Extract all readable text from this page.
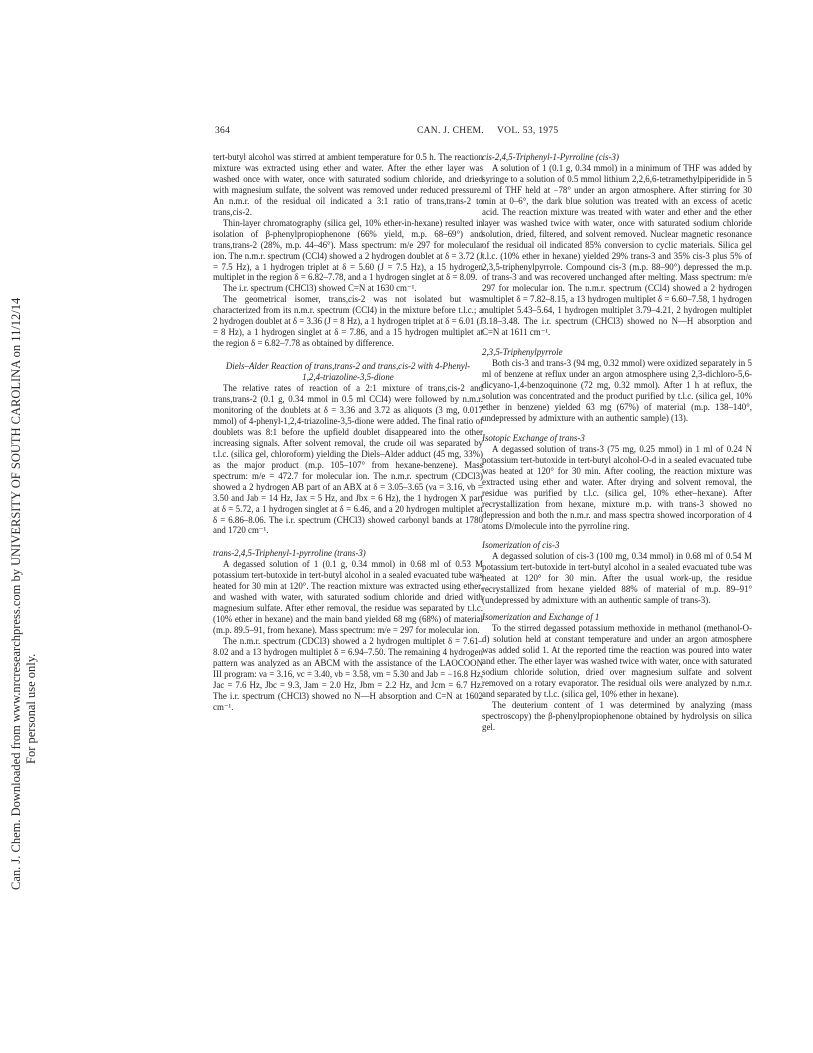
Can. J. Chem. Downloaded from www.nrcresearchpress.com by UNIVERSITY OF SOUTH CAROLINA on 11/12/14 For personal use only.
364	CAN. J. CHEM. VOL. 53, 1975

tert-butyl alcohol was stirred at ambient temperature for 0.5 h. The reaction mixture was extracted using ether and water. After the ether layer was washed once with water, once with saturated sodium chloride, and dried with magnesium sulfate, the solvent was removed under reduced pressure. An n.m.r. of the residual oil indicated a 3:1 ratio of trans,trans-2 to trans,cis-2.

Thin-layer chromatography (silica gel, 10% ether-in-hexane) resulted in isolation of β-phenylpropiophenone (66% yield, m.p. 68–69°) and trans,trans-2 (28%, m.p. 44–46°). Mass spectrum: m/e 297 for molecular ion. The n.m.r. spectrum (CCl4) showed a 2 hydrogen doublet at δ = 3.72 (J = 7.5 Hz), a 1 hydrogen triplet at δ = 5.60 (J = 7.5 Hz), a 15 hydrogen multiplet in the region δ = 6.82–7.78, and a 1 hydrogen singlet at δ = 8.09.

The i.r. spectrum (CHCl3) showed C=N at 1630 cm⁻¹.

The geometrical isomer, trans,cis-2 was not isolated but was characterized from its n.m.r. spectrum (CCl4) in the mixture before t.l.c.; a 2 hydrogen doublet at δ = 3.36 (J = 8 Hz), a 1 hydrogen triplet at δ = 6.01 (J = 8 Hz), a 1 hydrogen singlet at δ = 7.86, and a 15 hydrogen multiplet at the region δ = 6.82–7.78 as obtained by difference.

Diels–Alder Reaction of trans,trans-2 and trans,cis-2 with 4-Phenyl-1,2,4-triazoline-3,5-dione

The relative rates of reaction of a 2:1 mixture of trans,cis-2 and trans,trans-2 (0.1 g, 0.34 mmol in 0.5 ml CCl4) were followed by n.m.r. monitoring of the doublets at δ = 3.36 and 3.72 as aliquots (3 mg, 0.017 mmol) of 4-phenyl-1,2,4-triazoline-3,5-dione were added. The final ratio of doublets was 8:1 before the upfield doublet disappeared into the other increasing signals. After solvent removal, the crude oil was separated by t.l.c. (silica gel, chloroform) yielding the Diels–Alder adduct (45 mg, 33%) as the major product (m.p. 105–107° from hexane-benzene). Mass spectrum: m/e = 472.7 for molecular ion. The n.m.r. spectrum (CDCl3) showed a 2 hydrogen AB part of an ABX at δ = 3.05–3.65 (νa = 3.16, νb = 3.50 and Jab = 14 Hz, Jax = 5 Hz, and Jbx = 6 Hz), the 1 hydrogen X part at δ = 5.72, a 1 hydrogen singlet at δ = 6.46, and a 20 hydrogen multiplet at δ = 6.86–8.06. The i.r. spectrum (CHCl3) showed carbonyl bands at 1780 and 1720 cm⁻¹.

trans-2,4,5-Triphenyl-1-pyrroline (trans-3)

A degassed solution of 1 (0.1 g, 0.34 mmol) in 0.68 ml of 0.53 M potassium tert-butoxide in tert-butyl alcohol in a sealed evacuated tube was heated for 30 min at 120°. The reaction mixture was extracted using ether, and washed with water, with saturated sodium chloride and dried with magnesium sulfate. After ether removal, the residue was separated by t.l.c. (10% ether in hexane) and the main band yielded 68 mg (68%) of material (m.p. 89.5–91, from hexane). Mass spectrum: m/e = 297 for molecular ion.

The n.m.r. spectrum (CDCl3) showed a 2 hydrogen multiplet δ = 7.61–8.02 and a 13 hydrogen multiplet δ = 6.94–7.50. The remaining 4 hydrogen pattern was analyzed as an ABCM with the assistance of the LAOCOON III program: νa = 3.16, νc = 3.40, νb = 3.58, νm = 5.30 and Jab = −16.8 Hz, Jac = 7.6 Hz, Jbc = 9.3, Jam = 2.0 Hz, Jbm = 2.2 Hz, and Jcm = 6.7 Hz. The i.r. spectrum (CHCl3) showed no N—H absorption and C=N at 1602 cm⁻¹.

cis-2,4,5-Triphenyl-1-Pyrroline (cis-3)

A solution of 1 (0.1 g, 0.34 mmol) in a minimum of THF was added by syringe to a solution of 0.5 mmol lithium 2,2,6,6-tetramethylpiperidide in 5 ml of THF held at −78° under an argon atmosphere. After stirring for 30 min at 0–6°, the dark blue solution was treated with an excess of acetic acid. The reaction mixture was treated with water and ether and the ether layer was washed twice with water, once with saturated sodium chloride solution, dried, filtered, and solvent removed. Nuclear magnetic resonance of the residual oil indicated 85% conversion to cyclic materials. Silica gel t.l.c. (10% ether in hexane) yielded 29% trans-3 and 35% cis-3 plus 5% of 2,3,5-triphenylpyrrole. Compound cis-3 (m.p. 88–90°) depressed the m.p. of trans-3 and was recovered unchanged after melting. Mass spectrum: m/e 297 for molecular ion. The n.m.r. spectrum (CCl4) showed a 2 hydrogen multiplet δ = 7.82–8.15, a 13 hydrogen multiplet δ = 6.60–7.58, 1 hydrogen multiplet 5.43–5.64, 1 hydrogen multiplet 3.79–4.21, 2 hydrogen multiplet 3.18–3.48. The i.r. spectrum (CHCl3) showed no N—H absorption and C=N at 1611 cm⁻¹.

2,3,5-Triphenylpyrrole

Both cis-3 and trans-3 (94 mg, 0.32 mmol) were oxidized separately in 5 ml of benzene at reflux under an argon atmosphere using 2,3-dichloro-5,6-dicyano-1,4-benzoquinone (72 mg, 0.32 mmol). After 1 h at reflux, the solution was concentrated and the product purified by t.l.c. (silica gel, 10% ether in benzene) yielded 63 mg (67%) of material (m.p. 138–140°, undepressed by admixture with an authentic sample) (13).

Isotopic Exchange of trans-3

A degassed solution of trans-3 (75 mg, 0.25 mmol) in 1 ml of 0.24 N potassium tert-butoxide in tert-butyl alcohol-O-d in a sealed evacuated tube was heated at 120° for 30 min. After cooling, the reaction mixture was extracted using ether and water. After drying and solvent removal, the residue was purified by t.l.c. (silica gel, 10% ether–hexane). After recrystallization from hexane, mixture m.p. with trans-3 showed no depression and both the n.m.r. and mass spectra showed incorporation of 4 atoms D/molecule into the pyrroline ring.

Isomerization of cis-3

A degassed solution of cis-3 (100 mg, 0.34 mmol) in 0.68 ml of 0.54 M potassium tert-butoxide in tert-butyl alcohol in a sealed evacuated tube was heated at 120° for 30 min. After the usual work-up, the residue recrystallized from hexane yielded 88% of material of m.p. 89–91° (undepressed by admixture with an authentic sample of trans-3).

Isomerization and Exchange of 1

To the stirred degassed potassium methoxide in methanol (methanol-O-d) solution held at constant temperature and under an argon atmosphere was added solid 1. At the reported time the reaction was poured into water and ether. The ether layer was washed twice with water, once with saturated sodium chloride solution, dried over magnesium sulfate and solvent removed on a rotary evaporator. The residual oils were analyzed by n.m.r. and separated by t.l.c. (silica gel, 10% ether in hexane).

The deuterium content of 1 was determined by analyzing (mass spectroscopy) the β-phenylpropiophenone obtained by hydrolysis on silica gel.
